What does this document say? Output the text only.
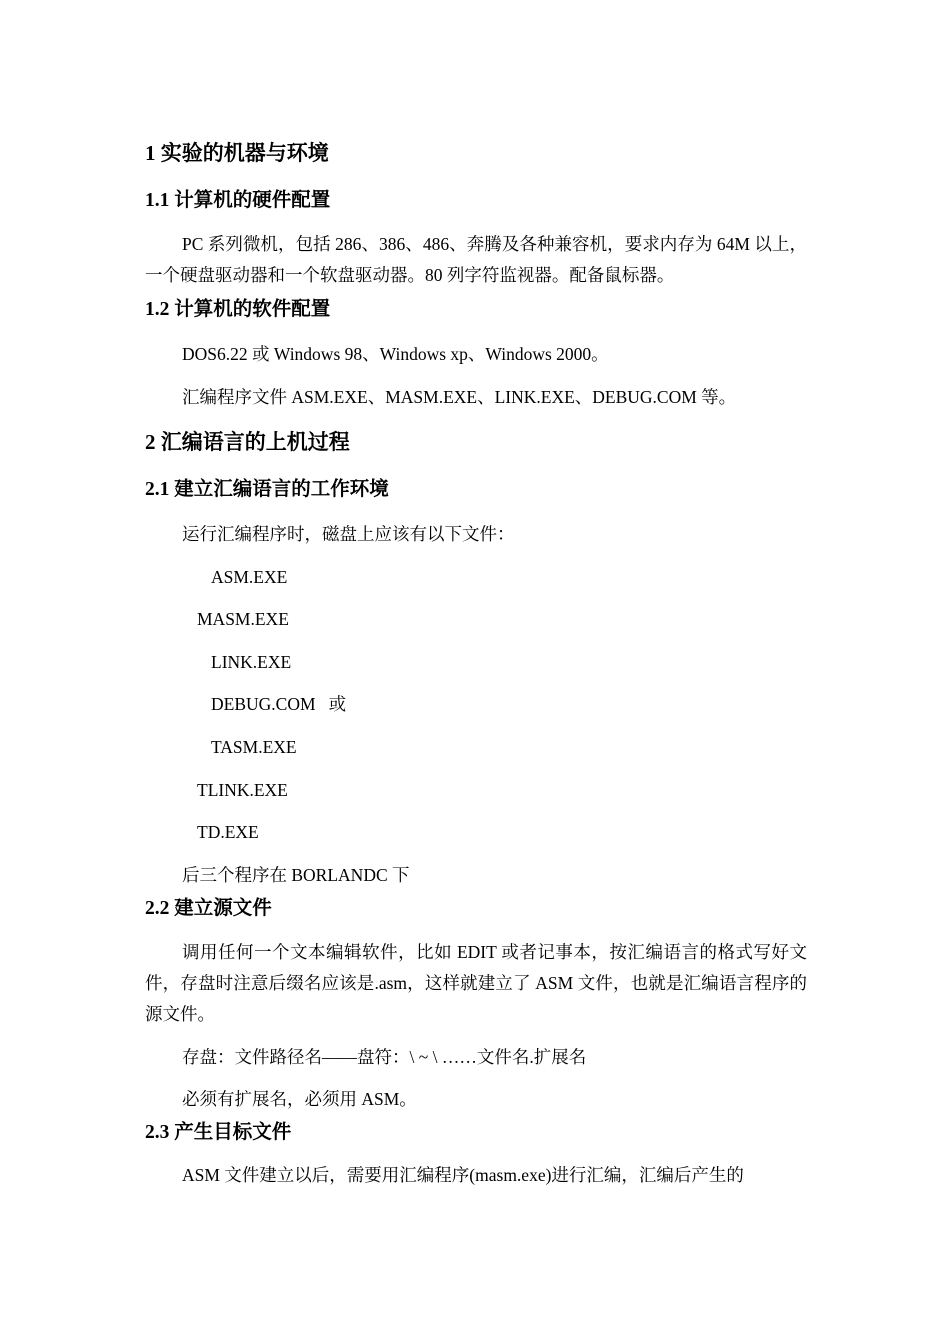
1 实验的机器与环境
1.1 计算机的硬件配置
PC 系列微机，包括 286、386、486、奔腾及各种兼容机，要求内存为 64M 以上，一个硬盘驱动器和一个软盘驱动器。80 列字符监视器。配备鼠标器。
1.2 计算机的软件配置
DOS6.22 或 Windows 98、Windows xp、Windows 2000。
汇编程序文件 ASM.EXE、MASM.EXE、LINK.EXE、DEBUG.COM 等。
2 汇编语言的上机过程
2.1 建立汇编语言的工作环境
运行汇编程序时，磁盘上应该有以下文件：
ASM.EXE
MASM.EXE
LINK.EXE
DEBUG.COM   或
TASM.EXE
TLINK.EXE
TD.EXE
后三个程序在 BORLANDC 下
2.2 建立源文件
调用任何一个文本编辑软件，比如 EDIT 或者记事本，按汇编语言的格式写好文件，存盘时注意后缀名应该是.asm，这样就建立了 ASM 文件，也就是汇编语言程序的源文件。
存盘：文件路径名——盘符：\ ~ \ ……文件名.扩展名
必须有扩展名，必须用 ASM。
2.3 产生目标文件
ASM 文件建立以后，需要用汇编程序(masm.exe)进行汇编，汇编后产生的
